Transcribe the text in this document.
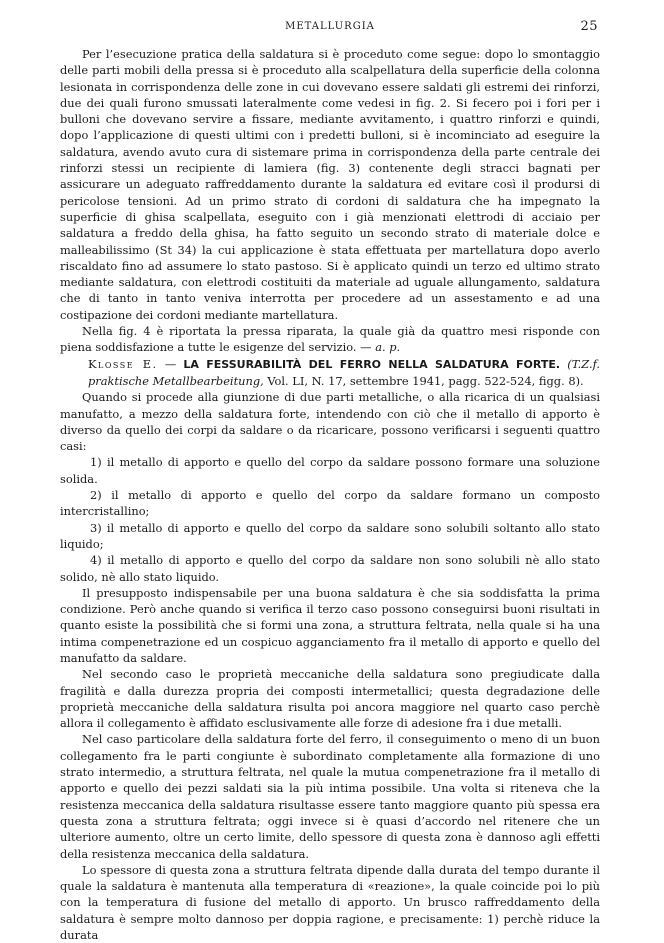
METALLURGIA	25

Per l’esecuzione pratica della saldatura si è proceduto come segue: dopo lo smontaggio delle parti mobili della pressa si è proceduto alla scalpellatura della superficie della colonna lesionata in corrispondenza delle zone in cui dovevano essere saldati gli estremi dei rinforzi, due dei quali furono smussati lateralmente come vedesi in fig. 2. Si fecero poi i fori per i bulloni che dovevano servire a fissare, mediante avvitamento, i quattro rinforzi e quindi, dopo l’applicazione di questi ultimi con i predetti bulloni, si è incominciato ad eseguire la saldatura, avendo avuto cura di sistemare prima in corrispondenza della parte centrale dei rinforzi stessi un recipiente di lamiera (fig. 3) contenente degli stracci bagnati per assicurare un adeguato raffreddamento durante la saldatura ed evitare così il prodursi di pericolose tensioni. Ad un primo strato di cordoni di saldatura che ha impegnato la superficie di ghisa scalpellata, eseguito con i già menzionati elettrodi di acciaio per saldatura a freddo della ghisa, ha fatto seguito un secondo strato di materiale dolce e malleabilissimo (St 34) la cui applicazione è stata effettuata per martellatura dopo averlo riscaldato fino ad assumere lo stato pastoso. Si è applicato quindi un terzo ed ultimo strato mediante saldatura, con elettrodi costituiti da materiale ad uguale allungamento, saldatura che di tanto in tanto veniva interrotta per procedere ad un assestamento e ad una costipazione dei cordoni mediante martellatura.

Nella fig. 4 è riportata la pressa riparata, la quale già da quattro mesi risponde con piena soddisfazione a tutte le esigenze del servizio. — a. p.

Klosse E. — LA FESSURABILITÀ DEL FERRO NELLA SALDATURA FORTE. (T.Z.f. praktische Metallbearbeitung, Vol. LI, N. 17, settembre 1941, pagg. 522-524, figg. 8).

Quando si procede alla giunzione di due parti metalliche, o alla ricarica di un qualsiasi manufatto, a mezzo della saldatura forte, intendendo con ciò che il metallo di apporto è diverso da quello dei corpi da saldare o da ricaricare, possono verificarsi i seguenti quattro casi:

1) il metallo di apporto e quello del corpo da saldare possono formare una soluzione solida.

2) il metallo di apporto e quello del corpo da saldare formano un composto intercristallino;

3) il metallo di apporto e quello del corpo da saldare sono solubili soltanto allo stato liquido;

4) il metallo di apporto e quello del corpo da saldare non sono solubili nè allo stato solido, nè allo stato liquido.

Il presupposto indispensabile per una buona saldatura è che sia soddisfatta la prima condizione. Però anche quando si verifica il terzo caso possono conseguirsi buoni risultati in quanto esiste la possibilità che si formi una zona, a struttura feltrata, nella quale si ha una intima compenetrazione ed un cospicuo agganciamento fra il metallo di apporto e quello del manufatto da saldare.

Nel secondo caso le proprietà meccaniche della saldatura sono pregiudicate dalla fragilità e dalla durezza propria dei composti intermetallici; questa degradazione delle proprietà meccaniche della saldatura risulta poi ancora maggiore nel quarto caso perchè allora il collegamento è affidato esclusivamente alle forze di adesione fra i due metalli.

Nel caso particolare della saldatura forte del ferro, il conseguimento o meno di un buon collegamento fra le parti congiunte è subordinato completamente alla formazione di uno strato intermedio, a struttura feltrata, nel quale la mutua compenetrazione fra il metallo di apporto e quello dei pezzi saldati sia la più intima possibile. Una volta si riteneva che la resistenza meccanica della saldatura risultasse essere tanto maggiore quanto più spessa era questa zona a struttura feltrata; oggi invece si è quasi d’accordo nel ritenere che un ulteriore aumento, oltre un certo limite, dello spessore di questa zona è dannoso agli effetti della resistenza meccanica della saldatura.

Lo spessore di questa zona a struttura feltrata dipende dalla durata del tempo durante il quale la saldatura è mantenuta alla temperatura di «reazione», la quale coincide poi lo più con la temperatura di fusione del metallo di apporto. Un brusco raffreddamento della saldatura è sempre molto dannoso per doppia ragione, e precisamente: 1) perchè riduce la durata
